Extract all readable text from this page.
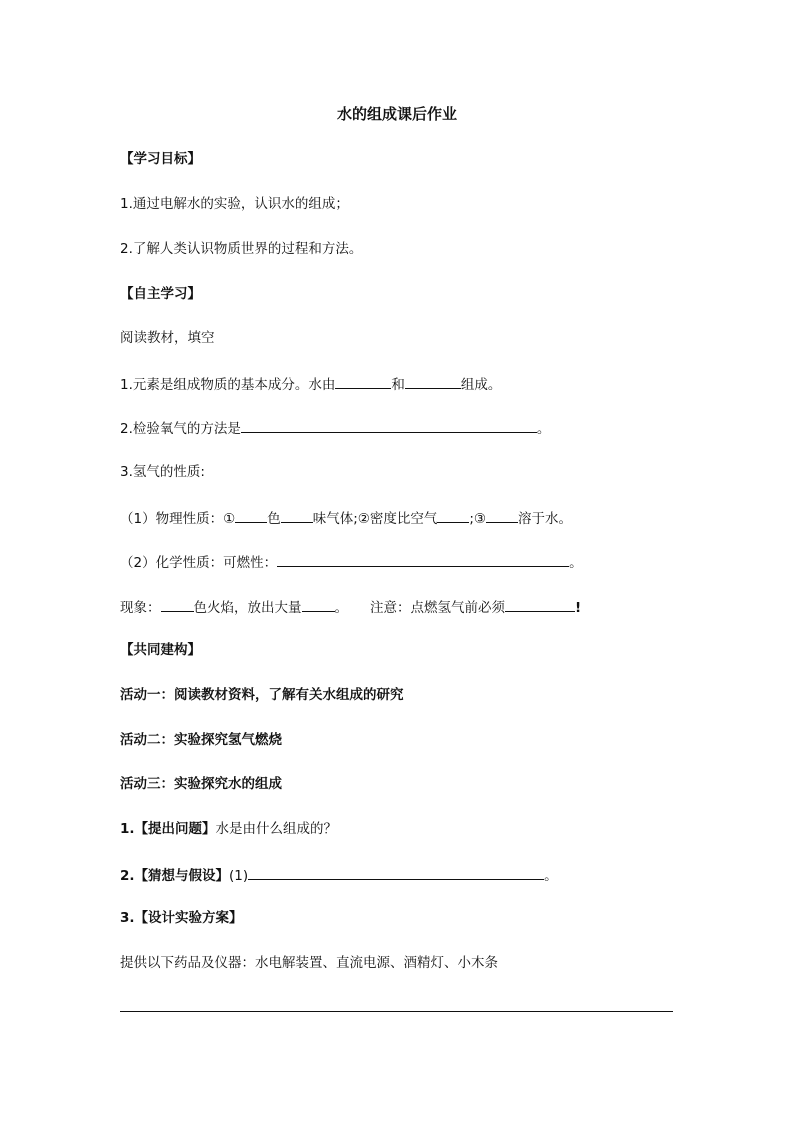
水的组成课后作业
【学习目标】
1.通过电解水的实验，认识水的组成；
2.了解人类认识物质世界的过程和方法。
【自主学习】
阅读教材，填空
1.元素是组成物质的基本成分。水由	和	组成。
2.检验氧气的方法是	。
3.氢气的性质:
（1）物理性质：① 色 味气体;②密度比空气 ;③ 溶于水。
（2）化学性质：可燃性：	。
现象： 色火焰，放出大量 。 注意：点燃氢气前必须	!
【共同建构】
活动一：阅读教材资料，了解有关水组成的研究
活动二：实验探究氢气燃烧
活动三：实验探究水的组成
1.【提出问题】水是由什么组成的？
2.【猜想与假设】(1)	。
3.【设计实验方案】
提供以下药品及仪器：水电解装置、直流电源、酒精灯、小木条
